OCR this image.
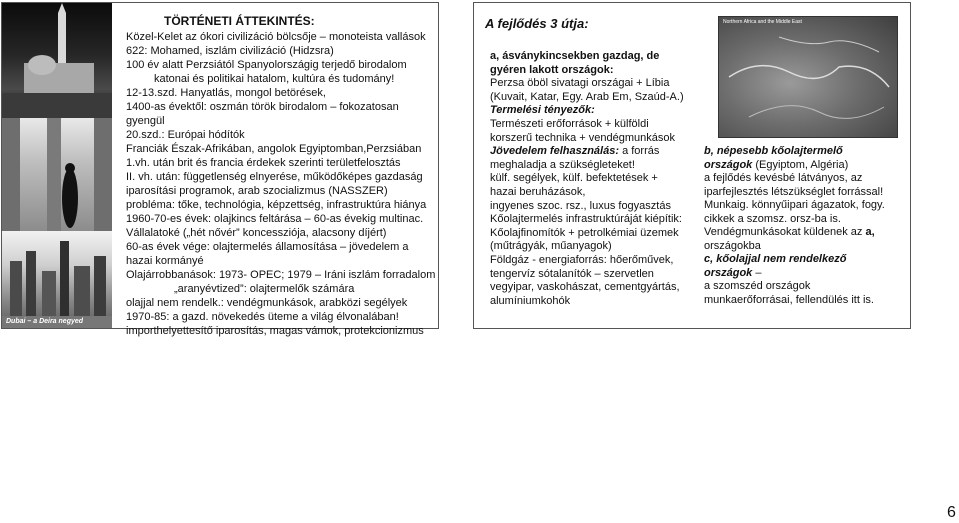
Dubai – a Deira negyed
TÖRTÉNETI ÁTTEKINTÉS:
Közel-Kelet az ókori civilizáció bölcsője – monoteista vallások
622: Mohamed, iszlám civilizáció (Hidzsra)
100 év alatt Perzsiától Spanyolországig terjedő birodalom
katonai és politikai hatalom, kultúra és tudomány!
12-13.szd. Hanyatlás, mongol betörések,
1400-as évektől: oszmán török birodalom – fokozatosan
gyengül
20.szd.: Európai hódítók
Franciák Észak-Afrikában, angolok Egyiptomban,Perzsiában
1.vh. után brit és francia érdekek szerinti területfelosztás
II. vh. után: függetlenség elnyerése, működőképes gazdaság
iparosítási programok, arab szocializmus (NASSZER)
probléma: tőke, technológia, képzettség, infrastruktúra hiánya
1960-70-es évek: olajkincs feltárása – 60-as évekig multinac.
Vállalatoké („hét nővér” koncessziója, alacsony díjért)
60-as évek vége: olajtermelés államosítása – jövedelem a
hazai kormányé
Olajárrobbanások: 1973- OPEC; 1979 – Iráni iszlám forradalom
„aranyévtized”: olajtermelők számára
olajjal nem rendelk.: vendégmunkások, arabközi segélyek
1970-85: a gazd. növekedés üteme a világ élvonalában!
importhelyettesítő iparosítás, magas vámok, protekcionizmus
A fejlődés 3 útja:
a, ásványkincsekben gazdag, de
gyéren lakott országok:
Perzsa öböl sivatagi országai + Líbia
(Kuvait, Katar, Egy. Arab Em, Szaúd-A.)
Termelési tényezők:
Természeti erőforrások + külföldi
korszerű technika + vendégmunkások
Jövedelem felhasználás: a forrás
meghaladja a szükségleteket!
külf. segélyek, külf. befektetések +
hazai beruházások,
ingyenes szoc. rsz., luxus fogyasztás
Kőolajtermelés infrastruktúráját kiépítik:
Kőolajfinomítók + petrolkémiai üzemek
(műtrágyák, műanyagok)
Földgáz - energiaforrás: hőerőművek,
tengervíz sótalanítók – szervetlen
vegyipar, vaskohászat, cementgyártás,
alumíniumkohók
Northern Africa and the Middle East
b, népesebb kőolajtermelő
országok (Egyiptom, Algéria)
a fejlődés kevésbé látványos, az
iparfejlesztés létszükséglet forrással!
Munkaig. könnyűipari ágazatok, fogy.
cikkek a szomsz. orsz-ba is.
Vendégmunkásokat küldenek az a,
országokba
c, kőolajjal nem rendelkező
országok –
a szomszéd országok
munkaerőforrásai, fellendülés itt is.
6
